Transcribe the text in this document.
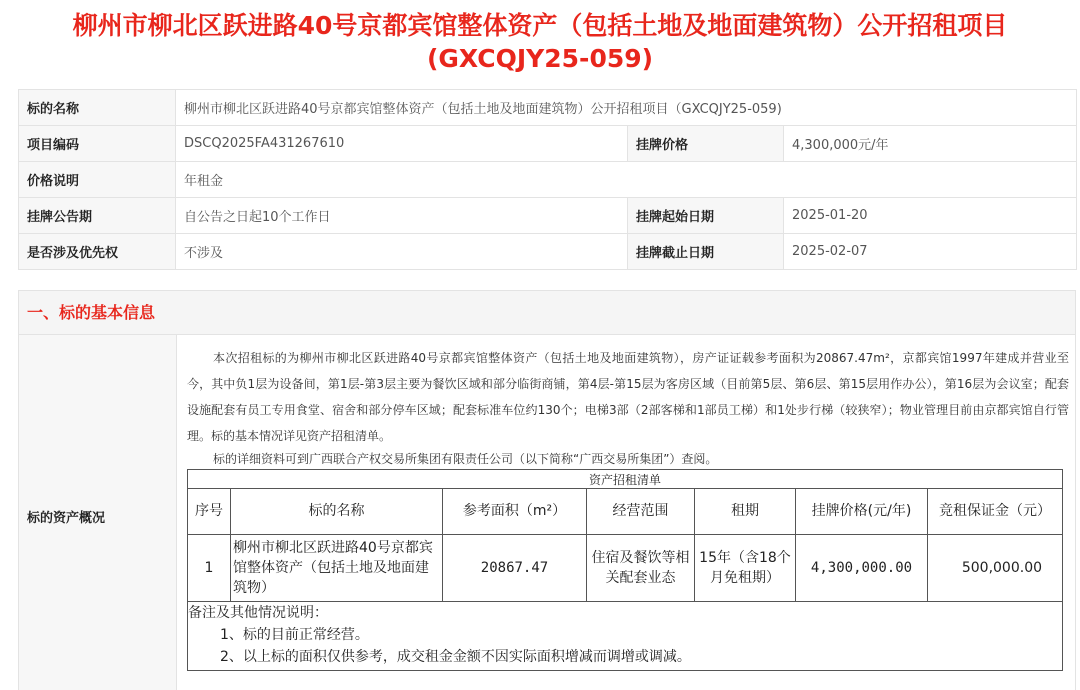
柳州市柳北区跃进路40号京都宾馆整体资产（包括土地及地面建筑物）公开招租项目
(GXCQJY25-059)
标的名称	柳州市柳北区跃进路40号京都宾馆整体资产（包括土地及地面建筑物）公开招租项目（GXCQJY25-059)		
项目编码	DSCQ2025FA431267610	挂牌价格	4,300,000元/年
价格说明	年租金		
挂牌公告期	自公告之日起10个工作日	挂牌起始日期	2025-01-20
是否涉及优先权	不涉及	挂牌截止日期	2025-02-07
一、标的基本信息
标的资产概况

本次招租标的为柳州市柳北区跃进路40号京都宾馆整体资产（包括土地及地面建筑物），房产证证载参考面积为20867.47m²，京都宾馆1997年建成并营业至今，其中负1层为设备间，第1层-第3层主要为餐饮区域和部分临街商铺，第4层-第15层为客房区域（目前第5层、第6层、第15层用作办公），第16层为会议室；配套设施配套有员工专用食堂、宿舍和部分停车区域；配套标准车位约130个；电梯3部（2部客梯和1部员工梯）和1处步行梯（较狭窄）；物业管理目前由京都宾馆自行管理。标的基本情况详见资产招租清单。

标的详细资料可到广西联合产权交易所集团有限责任公司（以下简称“广西交易所集团”）查阅。

资产招租清单						
序号	标的名称	参考面积（m²）	经营范围	租期	挂牌价格(元/年)	竞租保证金（元）
1	柳州市柳北区跃进路40号京都宾馆整体资产（包括土地及地面建筑物）	20867.47	住宿及餐饮等相关配套业态	15年（含18个月免租期）	4,300,000.00	500,000.00

备注及其他情况说明：
1、标的目前正常经营。
2、以上标的面积仅供参考，成交租金金额不因实际面积增减而调增或调减。						
